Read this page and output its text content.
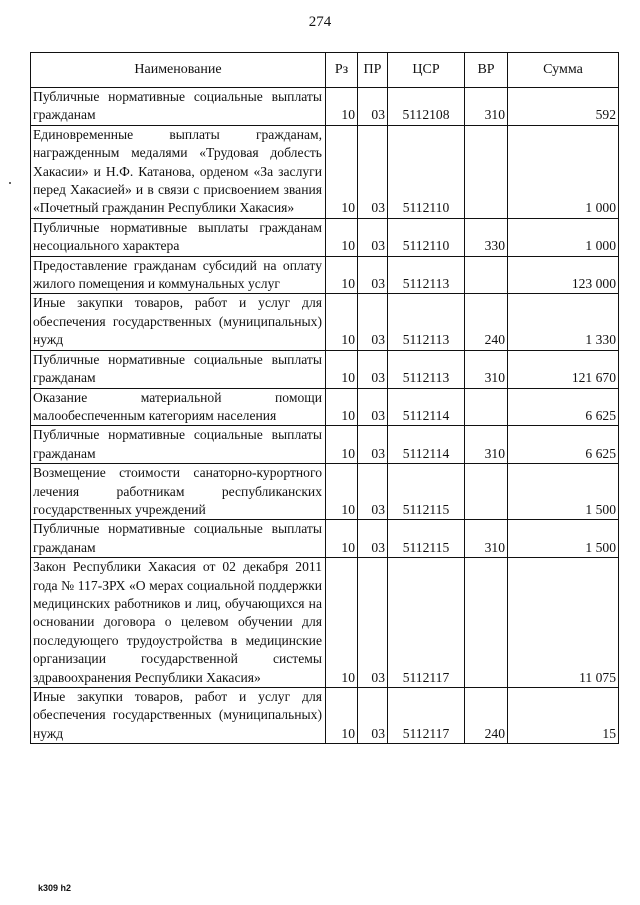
274
Наименование	Рз	ПР	ЦСР	ВР	Сумма
Публичные нормативные социальные выплаты гражданам	10	03	5112108	310	592
Единовременные выплаты гражданам, награжденным медалями «Трудовая доблесть Хакасии» и Н.Ф. Катанова, орденом «За заслуги перед Хакасией» и в связи с присвоением звания «Почетный гражданин Республики Хакасия»	10	03	5112110		1 000
Публичные нормативные выплаты гражданам несоциального характера	10	03	5112110	330	1 000
Предоставление гражданам субсидий на оплату жилого помещения и коммунальных услуг	10	03	5112113		123 000
Иные закупки товаров, работ и услуг для обеспечения государственных (муниципальных) нужд	10	03	5112113	240	1 330
Публичные нормативные социальные выплаты гражданам	10	03	5112113	310	121 670
Оказание материальной помощи малообеспеченным категориям населения	10	03	5112114		6 625
Публичные нормативные социальные выплаты гражданам	10	03	5112114	310	6 625
Возмещение стоимости санаторно-курортного лечения работникам республиканских государственных учреждений	10	03	5112115		1 500
Публичные нормативные социальные выплаты гражданам	10	03	5112115	310	1 500
Закон Республики Хакасия от 02 декабря 2011 года № 117-ЗРХ «О мерах социальной поддержки медицинских работников и лиц, обучающихся на основании договора о целевом обучении для последующего трудоустройства в медицинские организации государственной системы здравоохранения Республики Хакасия»	10	03	5112117		11 075
Иные закупки товаров, работ и услуг для обеспечения государственных (муниципальных) нужд	10	03	5112117	240	15
k309 h2
